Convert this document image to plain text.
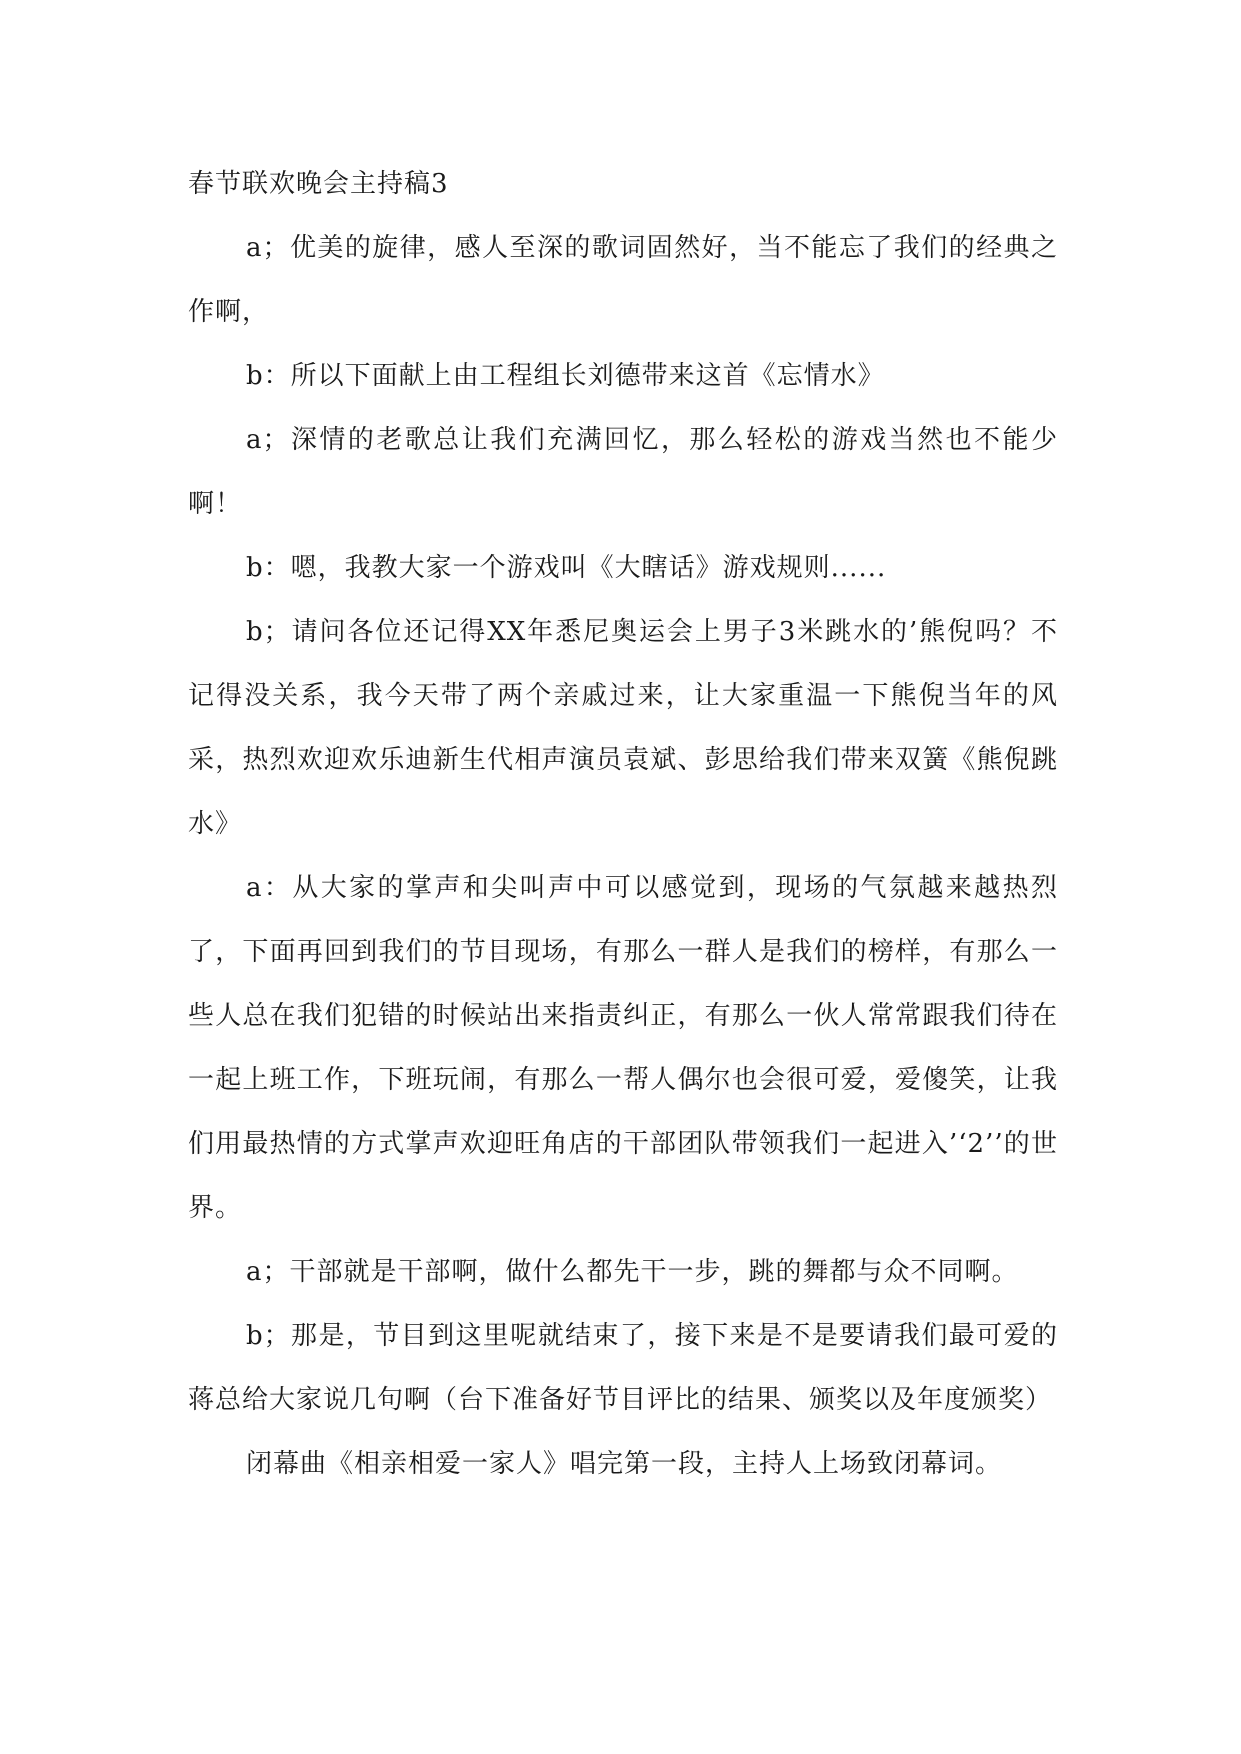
春节联欢晚会主持稿3

a；优美的旋律，感人至深的歌词固然好，当不能忘了我们的经典之作啊，

b：所以下面献上由工程组长刘德带来这首《忘情水》

a；深情的老歌总让我们充满回忆，那么轻松的游戏当然也不能少啊！

b：嗯，我教大家一个游戏叫《大瞎话》游戏规则......

b；请问各位还记得XX年悉尼奥运会上男子3米跳水的’熊倪吗？不记得没关系，我今天带了两个亲戚过来，让大家重温一下熊倪当年的风采，热烈欢迎欢乐迪新生代相声演员袁斌、彭思给我们带来双簧《熊倪跳水》

a：从大家的掌声和尖叫声中可以感觉到，现场的气氛越来越热烈了，下面再回到我们的节目现场，有那么一群人是我们的榜样，有那么一些人总在我们犯错的时候站出来指责纠正，有那么一伙人常常跟我们待在一起上班工作，下班玩闹，有那么一帮人偶尔也会很可爱，爱傻笑，让我们用最热情的方式掌声欢迎旺角店的干部团队带领我们一起进入’‘2’’的世界。

a；干部就是干部啊，做什么都先干一步，跳的舞都与众不同啊。

b；那是，节目到这里呢就结束了，接下来是不是要请我们最可爱的蒋总给大家说几句啊（台下准备好节目评比的结果、颁奖以及年度颁奖）

闭幕曲《相亲相爱一家人》唱完第一段，主持人上场致闭幕词。
